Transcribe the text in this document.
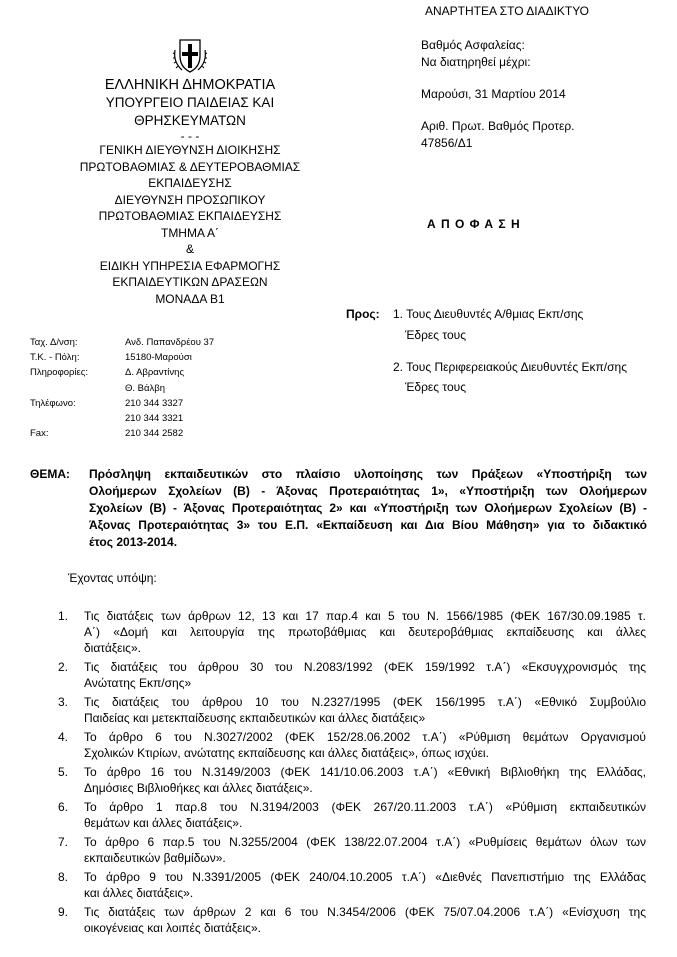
ΕΛΛΗΝΙΚΗ ΔΗΜΟΚΡΑΤΙΑ
ΥΠΟΥΡΓΕΙΟ ΠΑΙΔΕΙΑΣ ΚΑΙ ΘΡΗΣΚΕΥΜΑΤΩΝ
- - -
ΓΕΝΙΚΗ ΔΙΕΥΘΥΝΣΗ ΔΙΟΙΚΗΣΗΣ
ΠΡΩΤΟΒΑΘΜΙΑΣ & ΔΕΥΤΕΡΟΒΑΘΜΙΑΣ
ΕΚΠΑΙΔΕΥΣΗΣ
ΔΙΕΥΘΥΝΣΗ ΠΡΟΣΩΠΙΚΟΥ
ΠΡΩΤΟΒΑΘΜΙΑΣ ΕΚΠΑΙΔΕΥΣΗΣ
ΤΜΗΜΑ Α΄
&
ΕΙΔΙΚΗ ΥΠΗΡΕΣΙΑ ΕΦΑΡΜΟΓΗΣ
ΕΚΠΑΙΔΕΥΤΙΚΩΝ ΔΡΑΣΕΩΝ
ΜΟΝΑΔΑ Β1
ΑΝΑΡΤΗΤΕΑ ΣΤΟ ΔΙΑΔΙΚΤΥΟ
Βαθμός Ασφαλείας:
Να διατηρηθεί μέχρι:
Μαρούσι, 31 Μαρτίου 2014
Αριθ. Πρωτ. Βαθμός Προτερ.
47856/Δ1
Α Π Ο Φ Α Σ Η
Προς: 1. Τους Διευθυντές Α/θμιας Εκπ/σης
Έδρες τους
2. Τους Περιφερειακούς Διευθυντές Εκπ/σης
Έδρες τους
Ταχ. Δ/νση:	Ανδ. Παπανδρέου 37
Τ.Κ. - Πόλη:	15180-Μαρούσι
Πληροφορίες:	Δ. Αβραντίνης
Θ. Βάλβη
Τηλέφωνο:	210 344 3327
210 344 3321
Fax:	210 344 2582
ΘΕΜΑ: Πρόσληψη εκπαιδευτικών στο πλαίσιο υλοποίησης των Πράξεων «Υποστήριξη των
Ολοήμερων Σχολείων (Β) - Άξονας Προτεραιότητας 1», «Υποστήριξη των Ολοήμερων
Σχολείων (Β) - Άξονας Προτεραιότητας 2» και «Υποστήριξη των Ολοήμερων Σχολείων (Β) -
Άξονας Προτεραιότητας 3» του Ε.Π. «Εκπαίδευση και Δια Βίου Μάθηση» για το διδακτικό
έτος 2013-2014.
Έχοντας υπόψη:
1. Τις διατάξεις των άρθρων 12, 13 και 17 παρ.4 και 5 του Ν. 1566/1985 (ΦΕΚ 167/30.09.1985 τ.
Α΄) «Δομή και λειτουργία της πρωτοβάθμιας και δευτεροβάθμιας εκπαίδευσης και άλλες
διατάξεις».
2. Τις διατάξεις του άρθρου 30 του Ν.2083/1992 (ΦΕΚ 159/1992 τ.Α΄) «Εκσυγχρονισμός της
Ανώτατης Εκπ/σης»
3. Τις διατάξεις του άρθρου 10 του Ν.2327/1995 (ΦΕΚ 156/1995 τ.Α΄) «Εθνικό Συμβούλιο
Παιδείας και μετεκπαίδευσης εκπαιδευτικών και άλλες διατάξεις»
4. Το άρθρο 6 του Ν.3027/2002 (ΦΕΚ 152/28.06.2002 τ.Α΄) «Ρύθμιση θεμάτων Οργανισμού
Σχολικών Κτιρίων, ανώτατης εκπαίδευσης και άλλες διατάξεις», όπως ισχύει.
5. Το άρθρο 16 του Ν.3149/2003 (ΦΕΚ 141/10.06.2003 τ.Α΄) «Εθνική Βιβλιοθήκη της Ελλάδας,
Δημόσιες Βιβλιοθήκες και άλλες διατάξεις».
6. Το άρθρο 1 παρ.8 του Ν.3194/2003 (ΦΕΚ 267/20.11.2003 τ.Α΄) «Ρύθμιση εκπαιδευτικών
θεμάτων και άλλες διατάξεις».
7. Το άρθρο 6 παρ.5 του Ν.3255/2004 (ΦΕΚ 138/22.07.2004 τ.Α΄) «Ρυθμίσεις θεμάτων όλων των
εκπαιδευτικών βαθμίδων».
8. Το άρθρο 9 του Ν.3391/2005 (ΦΕΚ 240/04.10.2005 τ.Α΄) «Διεθνές Πανεπιστήμιο της Ελλάδας
και άλλες διατάξεις».
9. Τις διατάξεις των άρθρων 2 και 6 του Ν.3454/2006 (ΦΕΚ 75/07.04.2006 τ.Α΄) «Ενίσχυση της
οικογένειας και λοιπές διατάξεις».
